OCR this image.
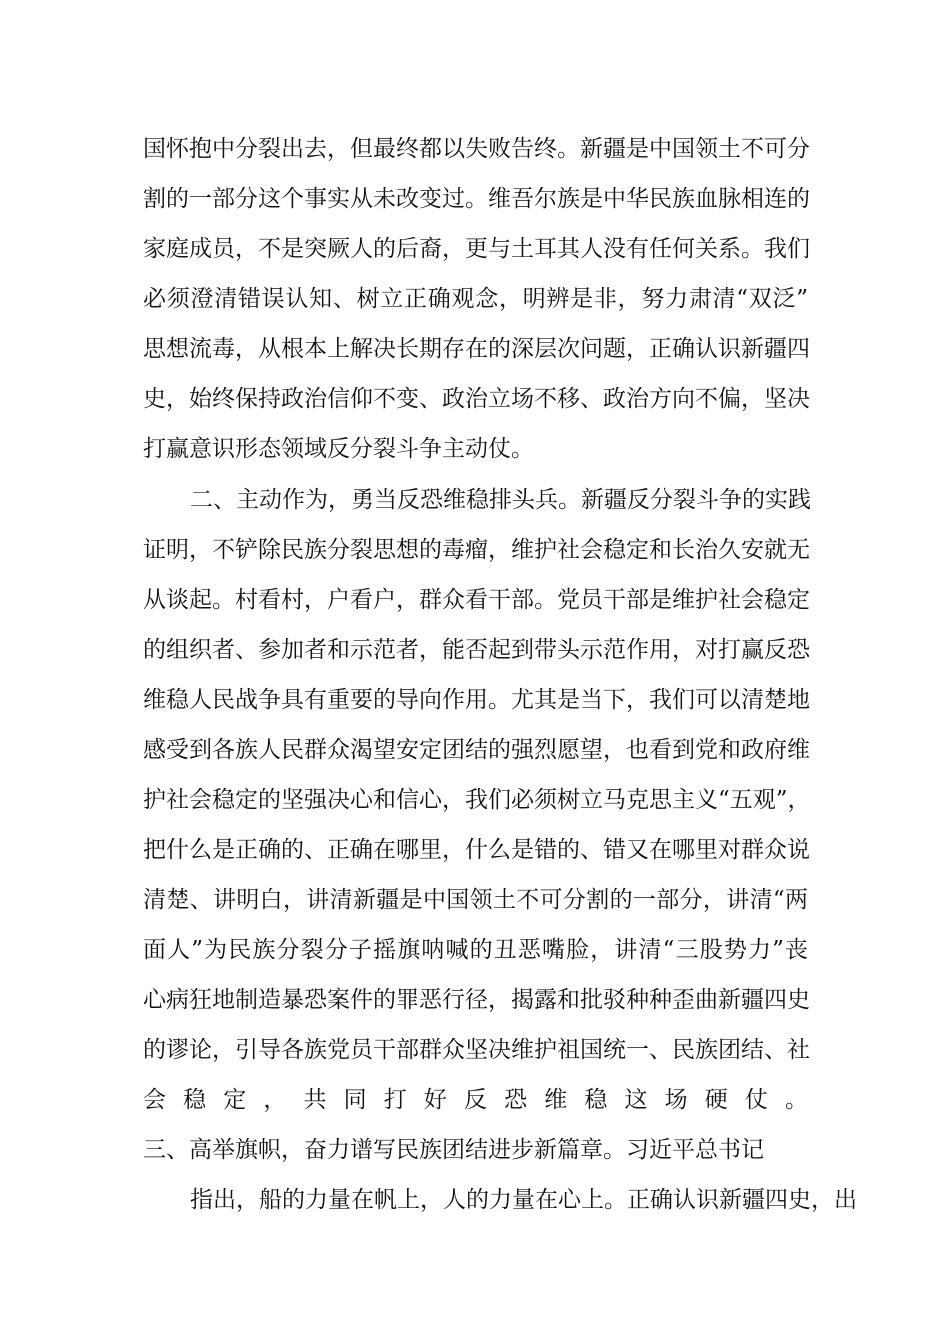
国怀抱中分裂出去，但最终都以失败告终。新疆是中国领土不可分
割的一部分这个事实从未改变过。维吾尔族是中华民族血脉相连的
家庭成员，不是突厥人的后裔，更与土耳其人没有任何关系。我们
必须澄清错误认知、树立正确观念，明辨是非，努力肃清“双泛”
思想流毒，从根本上解决长期存在的深层次问题，正确认识新疆四
史，始终保持政治信仰不变、政治立场不移、政治方向不偏，坚决
打赢意识形态领域反分裂斗争主动仗。
二、主动作为，勇当反恐维稳排头兵。新疆反分裂斗争的实践
证明，不铲除民族分裂思想的毒瘤，维护社会稳定和长治久安就无
从谈起。村看村，户看户，群众看干部。党员干部是维护社会稳定
的组织者、参加者和示范者，能否起到带头示范作用，对打赢反恐
维稳人民战争具有重要的导向作用。尤其是当下，我们可以清楚地
感受到各族人民群众渴望安定团结的强烈愿望，也看到党和政府维
护社会稳定的坚强决心和信心，我们必须树立马克思主义“五观”，
把什么是正确的、正确在哪里，什么是错的、错又在哪里对群众说
清楚、讲明白，讲清新疆是中国领土不可分割的一部分，讲清“两
面人”为民族分裂分子摇旗呐喊的丑恶嘴脸，讲清“三股势力”丧
心病狂地制造暴恐案件的罪恶行径，揭露和批驳种种歪曲新疆四史
的谬论，引导各族党员干部群众坚决维护祖国统一、民族团结、社
会稳定，共同打好反恐维稳这场硬仗。
三、高举旗帜，奋力谱写民族团结进步新篇章。习近平总书记
指出，船的力量在帆上，人的力量在心上。正确认识新疆四史，出
